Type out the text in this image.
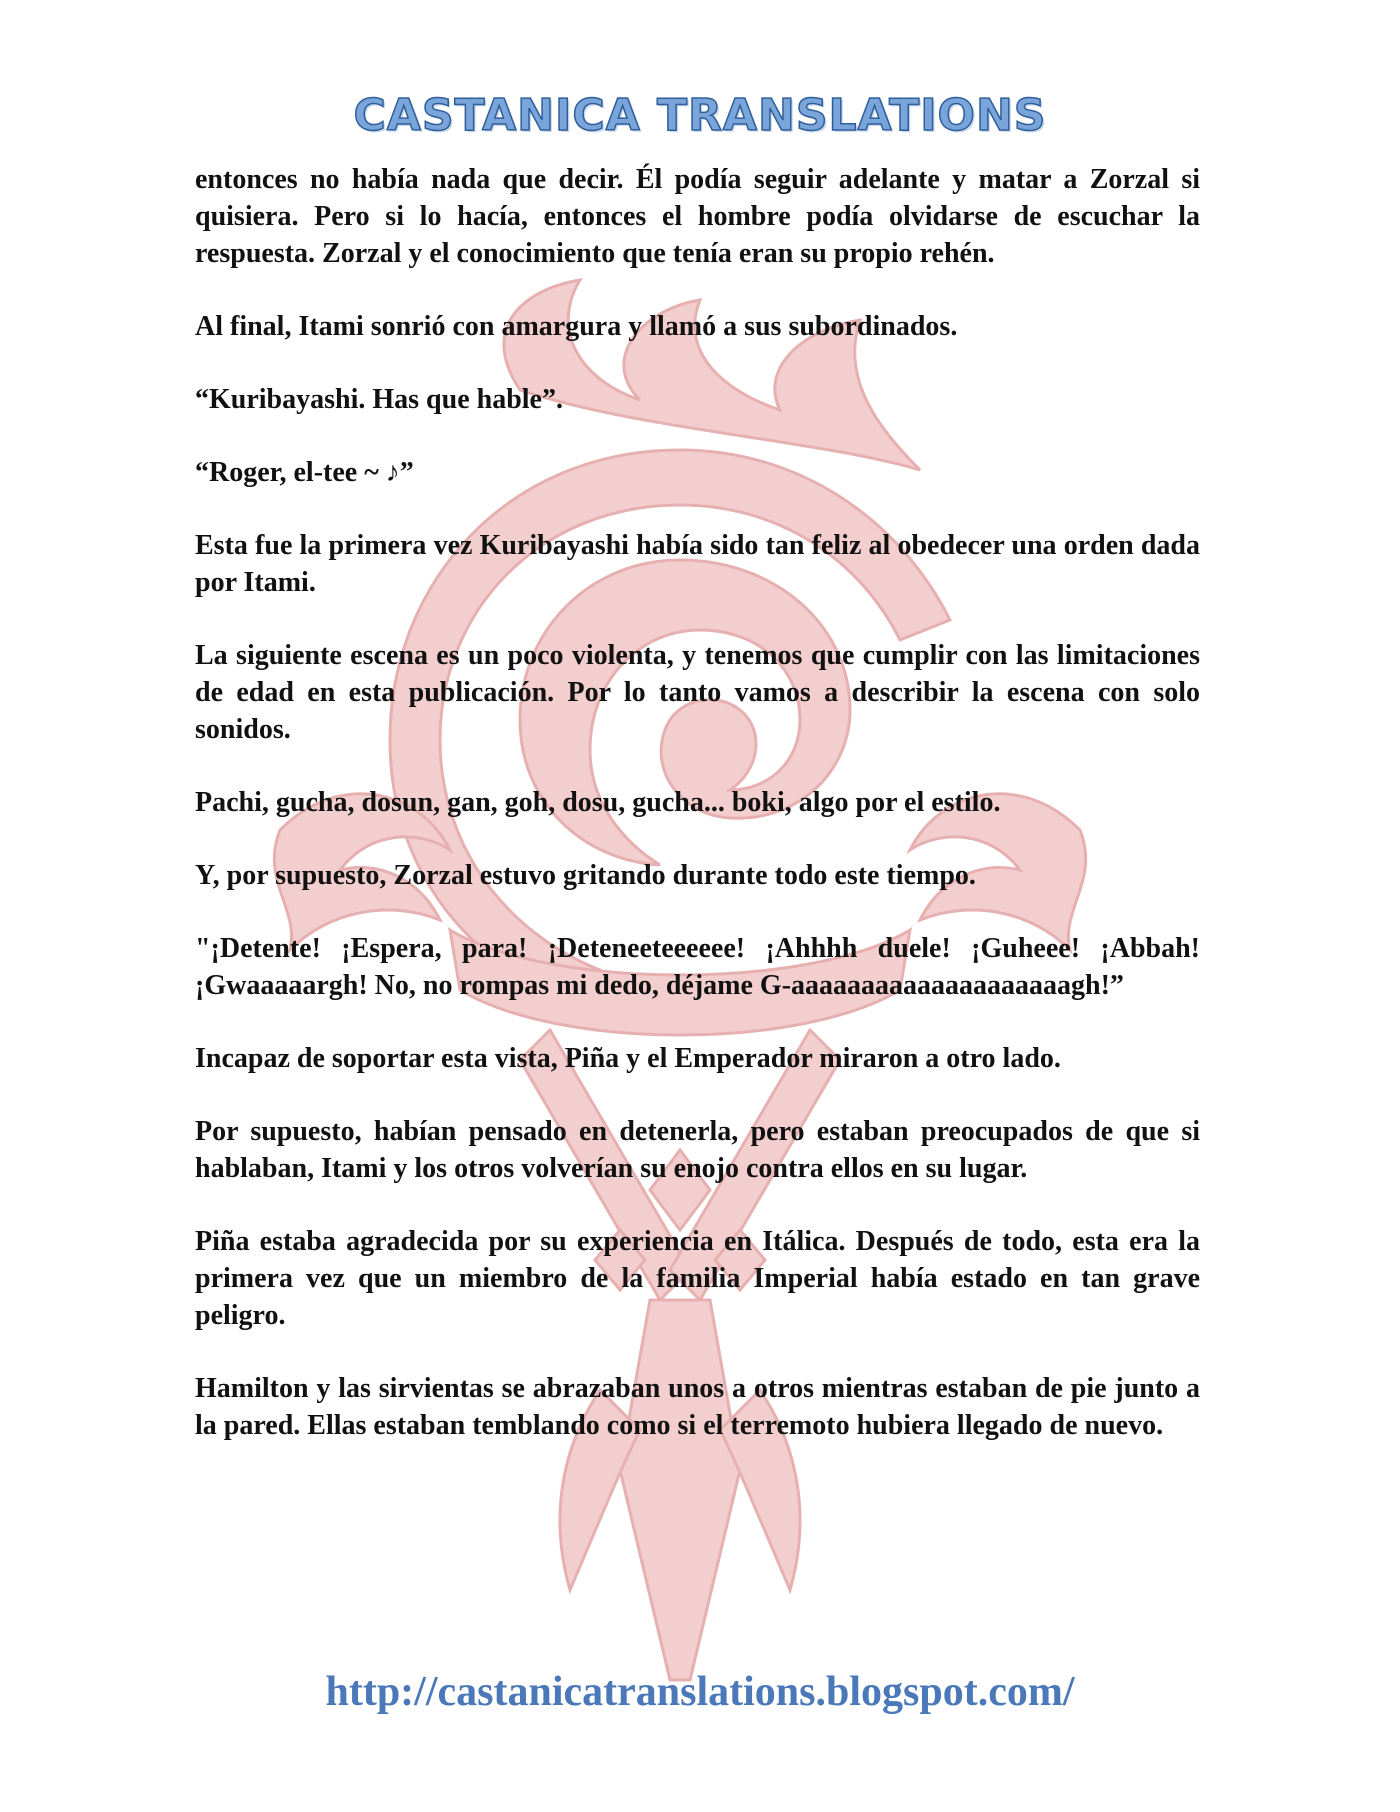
CASTANICA TRANSLATIONS

entonces no había nada que decir. Él podía seguir adelante y matar a Zorzal si quisiera. Pero si lo hacía, entonces el hombre podía olvidarse de escuchar la respuesta. Zorzal y el conocimiento que tenía eran su propio rehén.

Al final, Itami sonrió con amargura y llamó a sus subordinados.

“Kuribayashi. Has que hable”.

“Roger, el-tee ~ ♪”

Esta fue la primera vez Kuribayashi había sido tan feliz al obedecer una orden dada por Itami.

La siguiente escena es un poco violenta, y tenemos que cumplir con las limitaciones de edad en esta publicación. Por lo tanto vamos a describir la escena con solo sonidos.

Pachi, gucha, dosun, gan, goh, dosu, gucha... boki, algo por el estilo.

Y, por supuesto, Zorzal estuvo gritando durante todo este tiempo.

"¡Detente! ¡Espera, para! ¡Deteneeteeeeee! ¡Ahhhh duele! ¡Guheee! ¡Abbah! ¡Gwaaaaargh! No, no rompas mi dedo, déjame G-aaaaaaaaaaaaaaaaaaaagh!”

Incapaz de soportar esta vista, Piña y el Emperador miraron a otro lado.

Por supuesto, habían pensado en detenerla, pero estaban preocupados de que si hablaban, Itami y los otros volverían su enojo contra ellos en su lugar.

Piña estaba agradecida por su experiencia en Itálica. Después de todo, esta era la primera vez que un miembro de la familia Imperial había estado en tan grave peligro.

Hamilton y las sirvientas se abrazaban unos a otros mientras estaban de pie junto a la pared. Ellas estaban temblando como si el terremoto hubiera llegado de nuevo.

http://castanicatranslations.blogspot.com/
